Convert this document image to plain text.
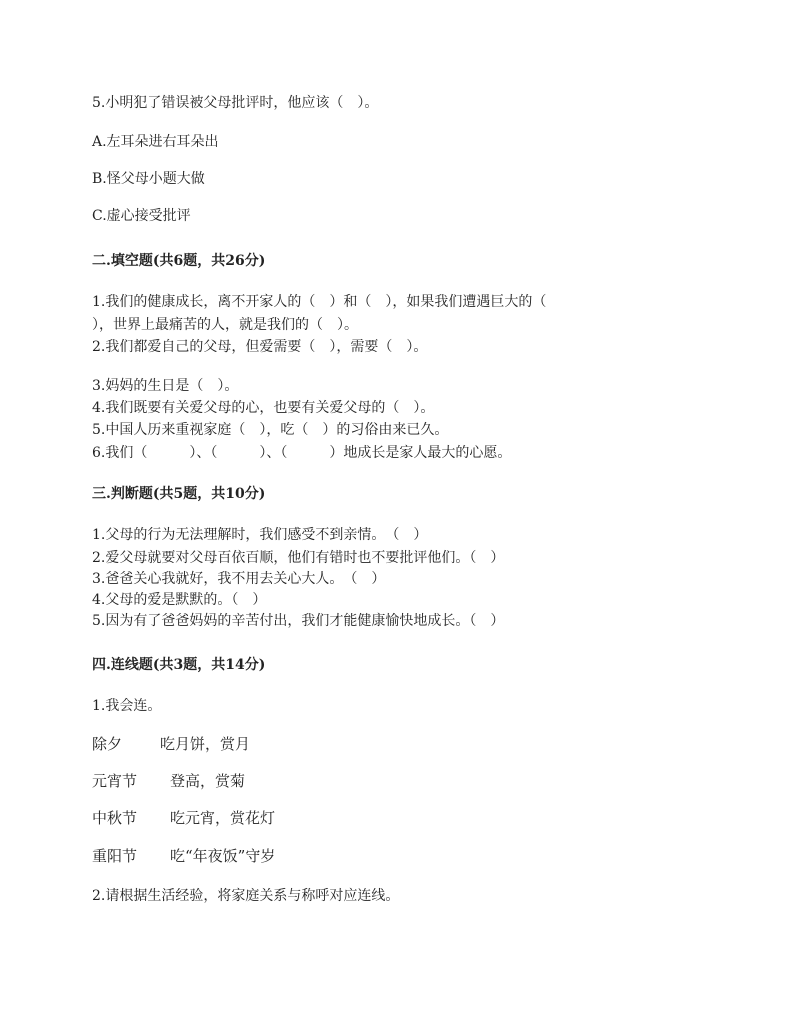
5.小明犯了错误被父母批评时，他应该（　）。
A.左耳朵进右耳朵出
B.怪父母小题大做
C.虚心接受批评
二.填空题(共6题，共26分)
1.我们的健康成长，离不开家人的（　）和（　），如果我们遭遇巨大的（
），世界上最痛苦的人，就是我们的（　）。
2.我们都爱自己的父母，但爱需要（　），需要（　）。
3.妈妈的生日是（　）。
4.我们既要有关爱父母的心，也要有关爱父母的（　）。
5.中国人历来重视家庭（　），吃（　）的习俗由来已久。
6.我们（　　　）、（　　　）、（　　　）地成长是家人最大的心愿。
三.判断题(共5题，共10分)
1.父母的行为无法理解时，我们感受不到亲情。　（　）
2.爱父母就要对父母百依百顺，他们有错时也不要批评他们。（　）
3.爸爸关心我就好，我不用去关心大人。　（　）
4.父母的爱是默默的。（　）
5.因为有了爸爸妈妈的辛苦付出，我们才能健康愉快地成长。（　）
四.连线题(共3题，共14分)
1.我会连。
除夕	吃月饼，赏月
元宵节 登高，赏菊
中秋节 吃元宵，赏花灯
重阳节 吃“年夜饭”守岁
2.请根据生活经验，将家庭关系与称呼对应连线。
